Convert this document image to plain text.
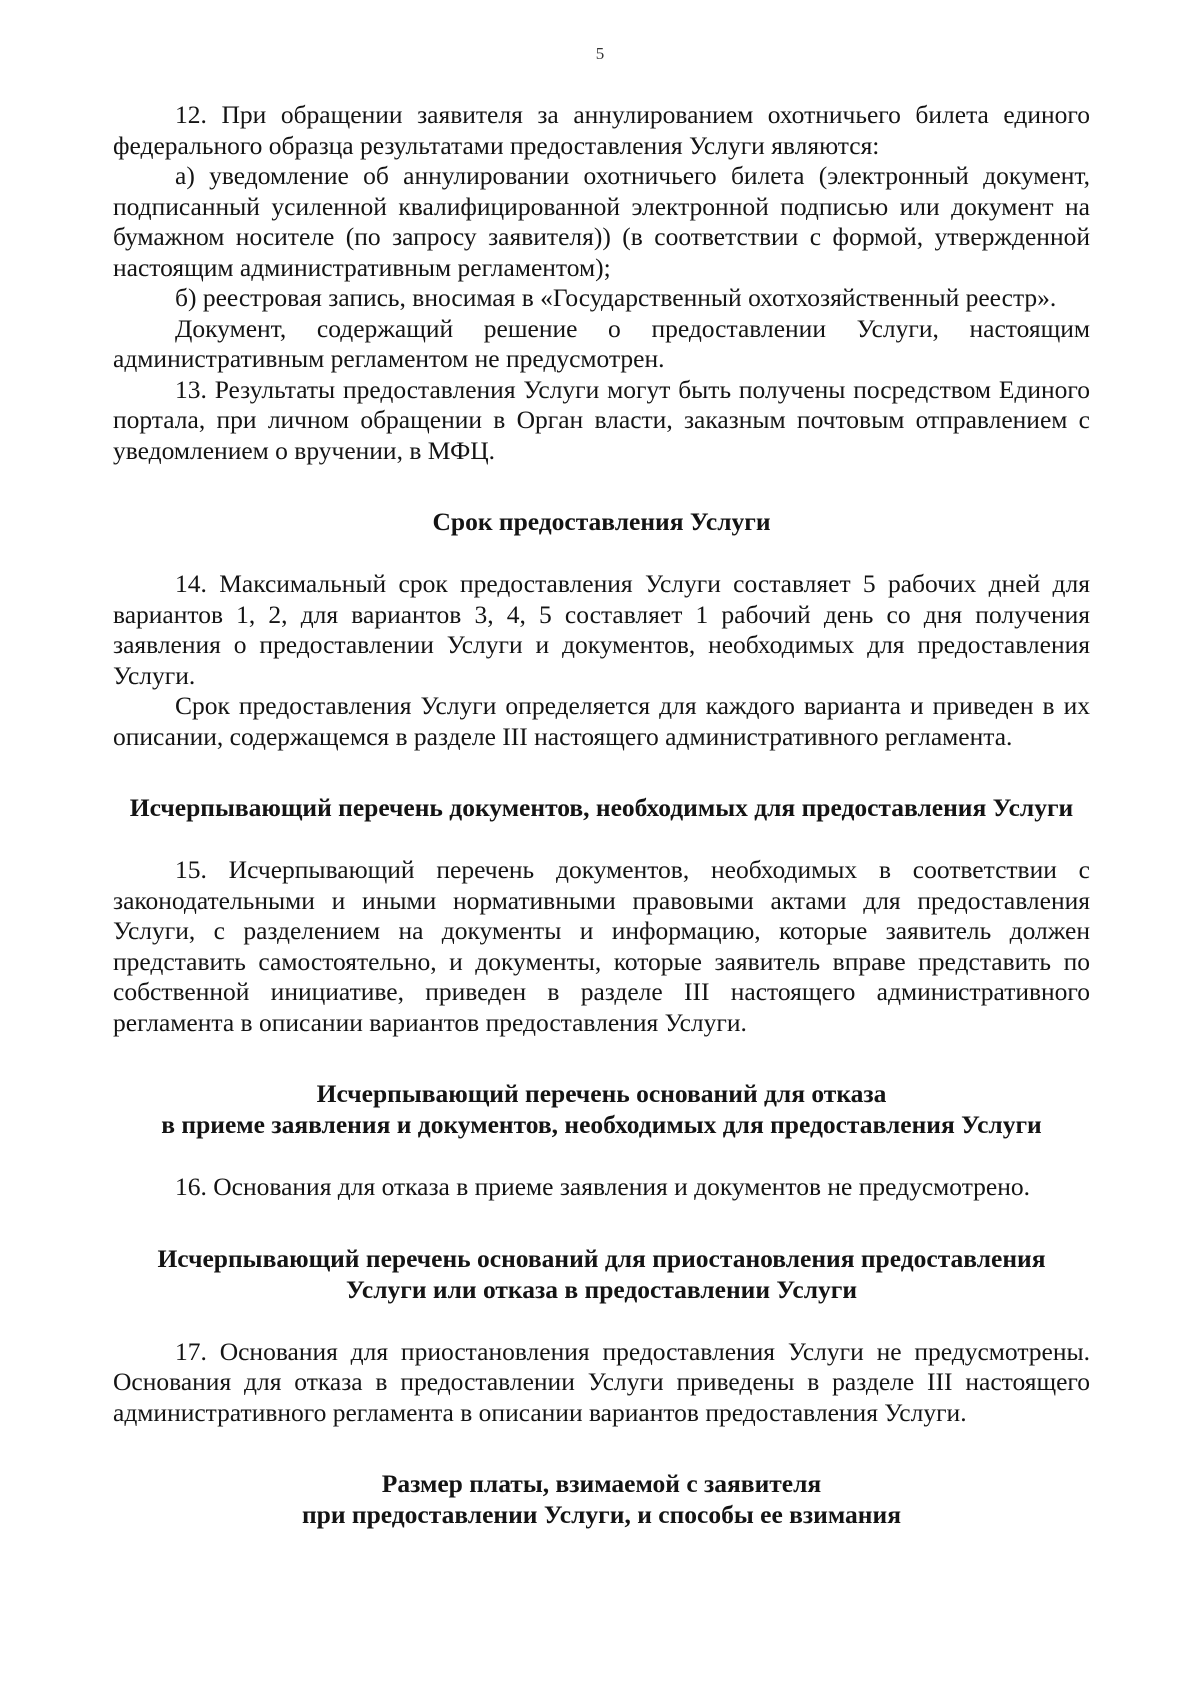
5

12. При обращении заявителя за аннулированием охотничьего билета единого федерального образца результатами предоставления Услуги являются:

а) уведомление об аннулировании охотничьего билета (электронный документ, подписанный усиленной квалифицированной электронной подписью или документ на бумажном носителе (по запросу заявителя)) (в соответствии с формой, утвержденной настоящим административным регламентом);

б) реестровая запись, вносимая в «Государственный охотхозяйственный реестр».

Документ, содержащий решение о предоставлении Услуги, настоящим административным регламентом не предусмотрен.

13. Результаты предоставления Услуги могут быть получены посредством Единого портала, при личном обращении в Орган власти, заказным почтовым отправлением с уведомлением о вручении, в МФЦ.

Срок предоставления Услуги

14. Максимальный срок предоставления Услуги составляет 5 рабочих дней для вариантов 1, 2, для вариантов 3, 4, 5 составляет 1 рабочий день со дня получения заявления о предоставлении Услуги и документов, необходимых для предоставления Услуги.

Срок предоставления Услуги определяется для каждого варианта и приведен в их описании, содержащемся в разделе III настоящего административного регламента.

Исчерпывающий перечень документов, необходимых для предоставления Услуги

15. Исчерпывающий перечень документов, необходимых в соответствии с законодательными и иными нормативными правовыми актами для предоставления Услуги, с разделением на документы и информацию, которые заявитель должен представить самостоятельно, и документы, которые заявитель вправе представить по собственной инициативе, приведен в разделе III настоящего административного регламента в описании вариантов предоставления Услуги.

Исчерпывающий перечень оснований для отказа
в приеме заявления и документов, необходимых для предоставления Услуги

16. Основания для отказа в приеме заявления и документов не предусмотрено.

Исчерпывающий перечень оснований для приостановления предоставления
Услуги или отказа в предоставлении Услуги

17. Основания для приостановления предоставления Услуги не предусмотрены. Основания для отказа в предоставлении Услуги приведены в разделе III настоящего административного регламента в описании вариантов предоставления Услуги.

Размер платы, взимаемой с заявителя
при предоставлении Услуги, и способы ее взимания
